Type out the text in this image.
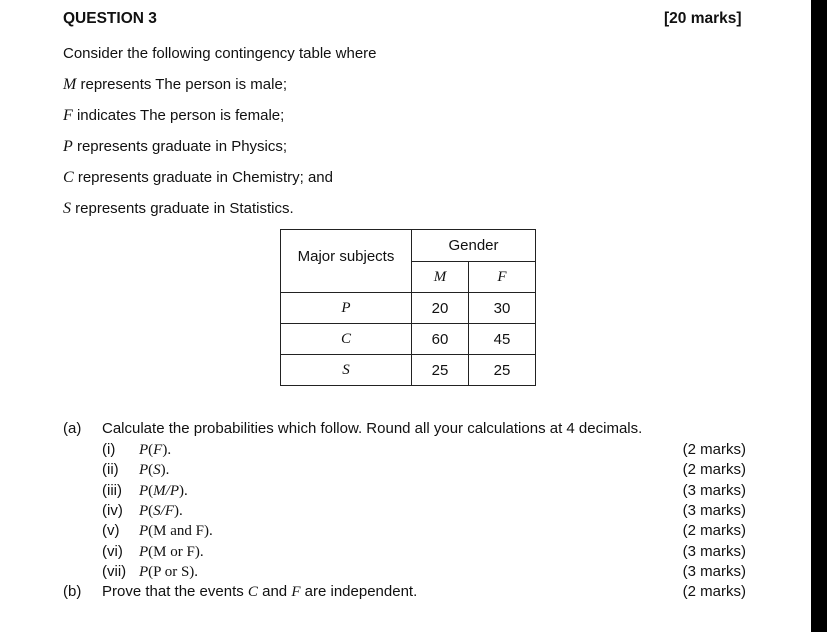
QUESTION 3	[20 marks]
Consider the following contingency table where
M represents The person is male;
F indicates The person is female;
P represents graduate in Physics;
C represents graduate in Chemistry; and
S represents graduate in Statistics.
Major subjects	Gender	
	M	F
P	20	30
C	60	45
S	25	25
(a) Calculate the probabilities which follow. Round all your calculations at 4 decimals.
(i) P(F).	(2 marks)
(ii) P(S).	(2 marks)
(iii) P(M/P).	(3 marks)
(iv) P(S/F).	(3 marks)
(v) P(M and F).	(2 marks)
(vi) P(M or F).	(3 marks)
(vii) P(P or S).	(3 marks)
(b) Prove that the events C and F are independent.	(2 marks)
